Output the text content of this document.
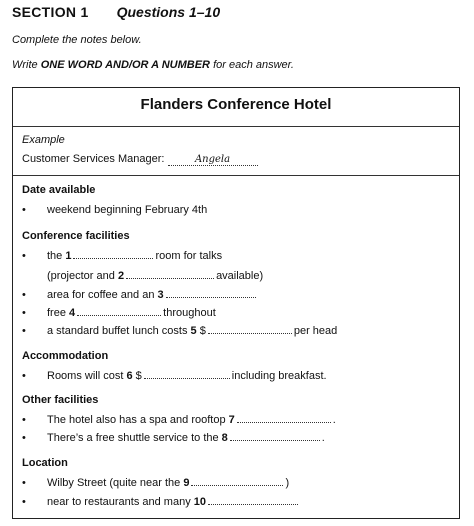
SECTION 1 Questions 1–10
Complete the notes below.
Write ONE WORD AND/OR A NUMBER for each answer.
Flanders Conference Hotel
Example
Customer Services Manager:	Angela
Date available
• weekend beginning February 4th
Conference facilities
• the 1	room for talks
(projector and 2	available)
• area for coffee and an 3
• free 4	throughout
• a standard buffet lunch costs 5 $	per head
Accommodation
• Rooms will cost 6 $	including breakfast.
Other facilities
• The hotel also has a spa and rooftop 7	.
• There’s a free shuttle service to the 8	.
Location
• Wilby Street (quite near the 9	)
• near to restaurants and many 10
